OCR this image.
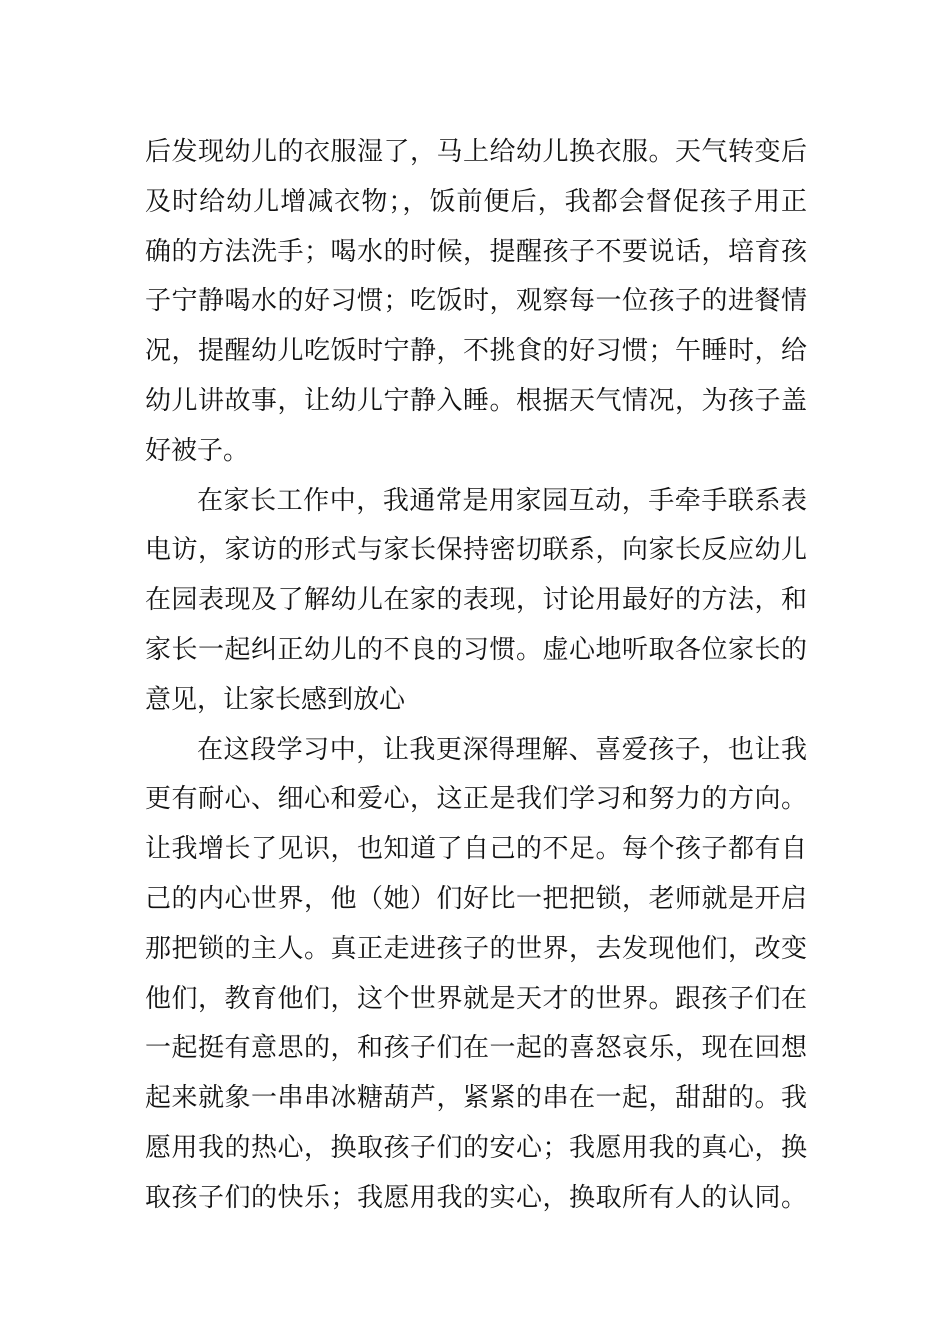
后发现幼儿的衣服湿了，马上给幼儿换衣服。天气转变后
及时给幼儿增减衣物；，饭前便后，我都会督促孩子用正
确的方法洗手；喝水的时候，提醒孩子不要说话，培育孩
子宁静喝水的好习惯；吃饭时，观察每一位孩子的进餐情
况，提醒幼儿吃饭时宁静，不挑食的好习惯；午睡时，给
幼儿讲故事，让幼儿宁静入睡。根据天气情况，为孩子盖
好被子。
在家长工作中，我通常是用家园互动，手牵手联系表
电访，家访的形式与家长保持密切联系，向家长反应幼儿
在园表现及了解幼儿在家的表现，讨论用最好的方法，和
家长一起纠正幼儿的不良的习惯。虚心地听取各位家长的
意见，让家长感到放心
在这段学习中，让我更深得理解、喜爱孩子，也让我
更有耐心、细心和爱心，这正是我们学习和努力的方向。
让我增长了见识，也知道了自己的不足。每个孩子都有自
己的内心世界，他（她）们好比一把把锁，老师就是开启
那把锁的主人。真正走进孩子的世界，去发现他们，改变
他们，教育他们，这个世界就是天才的世界。跟孩子们在
一起挺有意思的，和孩子们在一起的喜怒哀乐，现在回想
起来就象一串串冰糖葫芦，紧紧的串在一起，甜甜的。我
愿用我的热心，换取孩子们的安心；我愿用我的真心，换
取孩子们的快乐；我愿用我的实心，换取所有人的认同。
